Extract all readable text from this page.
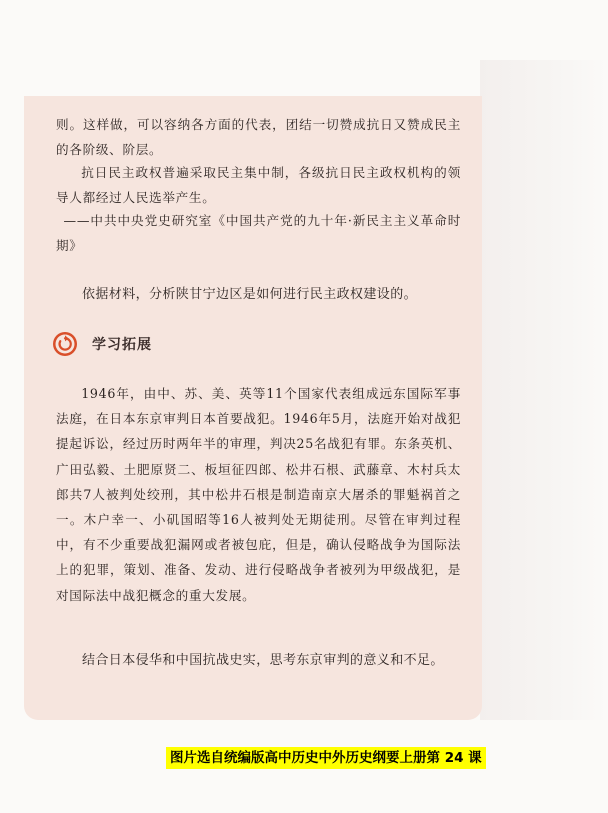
则。这样做，可以容纳各方面的代表，团结一切赞成抗日又赞成民主的各阶级、阶层。

抗日民主政权普遍采取民主集中制，各级抗日民主政权机构的领导人都经过人民选举产生。

——中共中央党史研究室《中国共产党的九十年·新民主主义革命时期》

依据材料，分析陕甘宁边区是如何进行民主政权建设的。

学习拓展

1946年，由中、苏、美、英等11个国家代表组成远东国际军事法庭，在日本东京审判日本首要战犯。1946年5月，法庭开始对战犯提起诉讼，经过历时两年半的审理，判决25名战犯有罪。东条英机、广田弘毅、土肥原贤二、板垣征四郎、松井石根、武藤章、木村兵太郎共7人被判处绞刑，其中松井石根是制造南京大屠杀的罪魁祸首之一。木户幸一、小矶国昭等16人被判处无期徒刑。尽管在审判过程中，有不少重要战犯漏网或者被包庇，但是，确认侵略战争为国际法上的犯罪，策划、准备、发动、进行侵略战争者被列为甲级战犯，是对国际法中战犯概念的重大发展。

结合日本侵华和中国抗战史实，思考东京审判的意义和不足。

图片选自统编版高中历史中外历史纲要上册第 24 课
